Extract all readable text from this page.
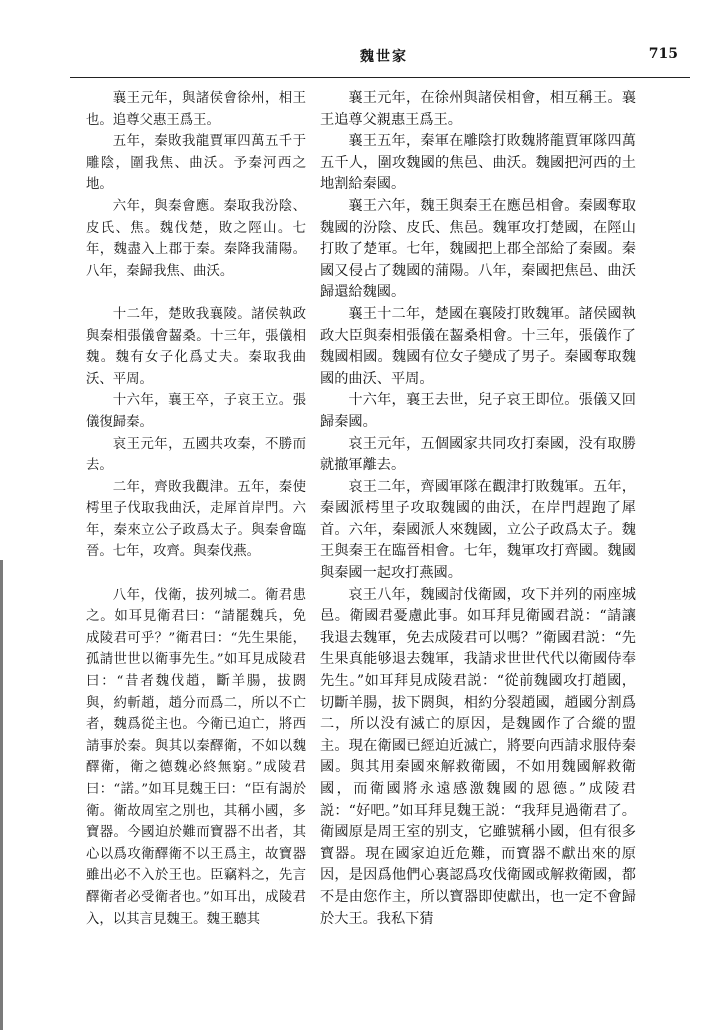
魏世家	715

襄王元年，與諸侯會徐州，相王也。追尊父惠王爲王。

五年，秦敗我龍賈軍四萬五千于雕陰，圍我焦、曲沃。予秦河西之地。

六年，與秦會應。秦取我汾陰、皮氏、焦。魏伐楚，敗之陘山。七年，魏盡入上郡于秦。秦降我蒲陽。八年，秦歸我焦、曲沃。

十二年，楚敗我襄陵。諸侯執政與秦相張儀會齧桑。十三年，張儀相魏。魏有女子化爲丈夫。秦取我曲沃、平周。

十六年，襄王卒，子哀王立。張儀復歸秦。

哀王元年，五國共攻秦，不勝而去。

二年，齊敗我觀津。五年，秦使樗里子伐取我曲沃，走犀首岸門。六年，秦來立公子政爲太子。與秦會臨晉。七年，攻齊。與秦伐燕。

八年，伐衛，拔列城二。衛君患之。如耳見衛君曰：“請罷魏兵，免成陵君可乎？”衛君曰：“先生果能，孤請世世以衛事先生。”如耳見成陵君曰：“昔者魏伐趙，斷羊腸，拔閼與，約斬趙，趙分而爲二，所以不亡者，魏爲從主也。今衛已迫亡，將西請事於秦。與其以秦醳衛，不如以魏醳衛，衛之德魏必終無窮。”成陵君曰：“諾。”如耳見魏王曰：“臣有謁於衛。衛故周室之別也，其稱小國，多寶器。今國迫於難而寶器不出者，其心以爲攻衛醳衛不以王爲主，故寶器雖出必不入於王也。臣竊料之，先言醳衛者必受衛者也。”如耳出，成陵君入，以其言見魏王。魏王聽其

襄王元年，在徐州與諸侯相會，相互稱王。襄王追尊父親惠王爲王。

襄王五年，秦軍在雕陰打敗魏將龍賈軍隊四萬五千人，圍攻魏國的焦邑、曲沃。魏國把河西的土地割給秦國。

襄王六年，魏王與秦王在應邑相會。秦國奪取魏國的汾陰、皮氏、焦邑。魏軍攻打楚國，在陘山打敗了楚軍。七年，魏國把上郡全部給了秦國。秦國又侵占了魏國的蒲陽。八年，秦國把焦邑、曲沃歸還給魏國。

襄王十二年，楚國在襄陵打敗魏軍。諸侯國執政大臣與秦相張儀在齧桑相會。十三年，張儀作了魏國相國。魏國有位女子變成了男子。秦國奪取魏國的曲沃、平周。

十六年，襄王去世，兒子哀王即位。張儀又回歸秦國。

哀王元年，五個國家共同攻打秦國，没有取勝就撤軍離去。

哀王二年，齊國軍隊在觀津打敗魏軍。五年，秦國派樗里子攻取魏國的曲沃，在岸門趕跑了犀首。六年，秦國派人來魏國，立公子政爲太子。魏王與秦王在臨晉相會。七年，魏軍攻打齊國。魏國與秦國一起攻打燕國。

哀王八年，魏國討伐衛國，攻下并列的兩座城邑。衛國君憂慮此事。如耳拜見衛國君説：“請讓我退去魏軍，免去成陵君可以嗎？”衛國君説：“先生果真能够退去魏軍，我請求世世代代以衛國侍奉先生。”如耳拜見成陵君説：“從前魏國攻打趙國，切斷羊腸，拔下閼與，相約分裂趙國，趙國分割爲二，所以没有滅亡的原因，是魏國作了合縱的盟主。現在衛國已經迫近滅亡，將要向西請求服侍秦國。與其用秦國來解救衛國，不如用魏國解救衛國，而衛國將永遠感激魏國的恩德。”成陵君説：“好吧。”如耳拜見魏王説：“我拜見過衛君了。衛國原是周王室的别支，它雖號稱小國，但有很多寶器。現在國家迫近危難，而寶器不獻出來的原因，是因爲他們心裏認爲攻伐衛國或解救衛國，都不是由您作主，所以寶器即使獻出，也一定不會歸於大王。我私下猜
